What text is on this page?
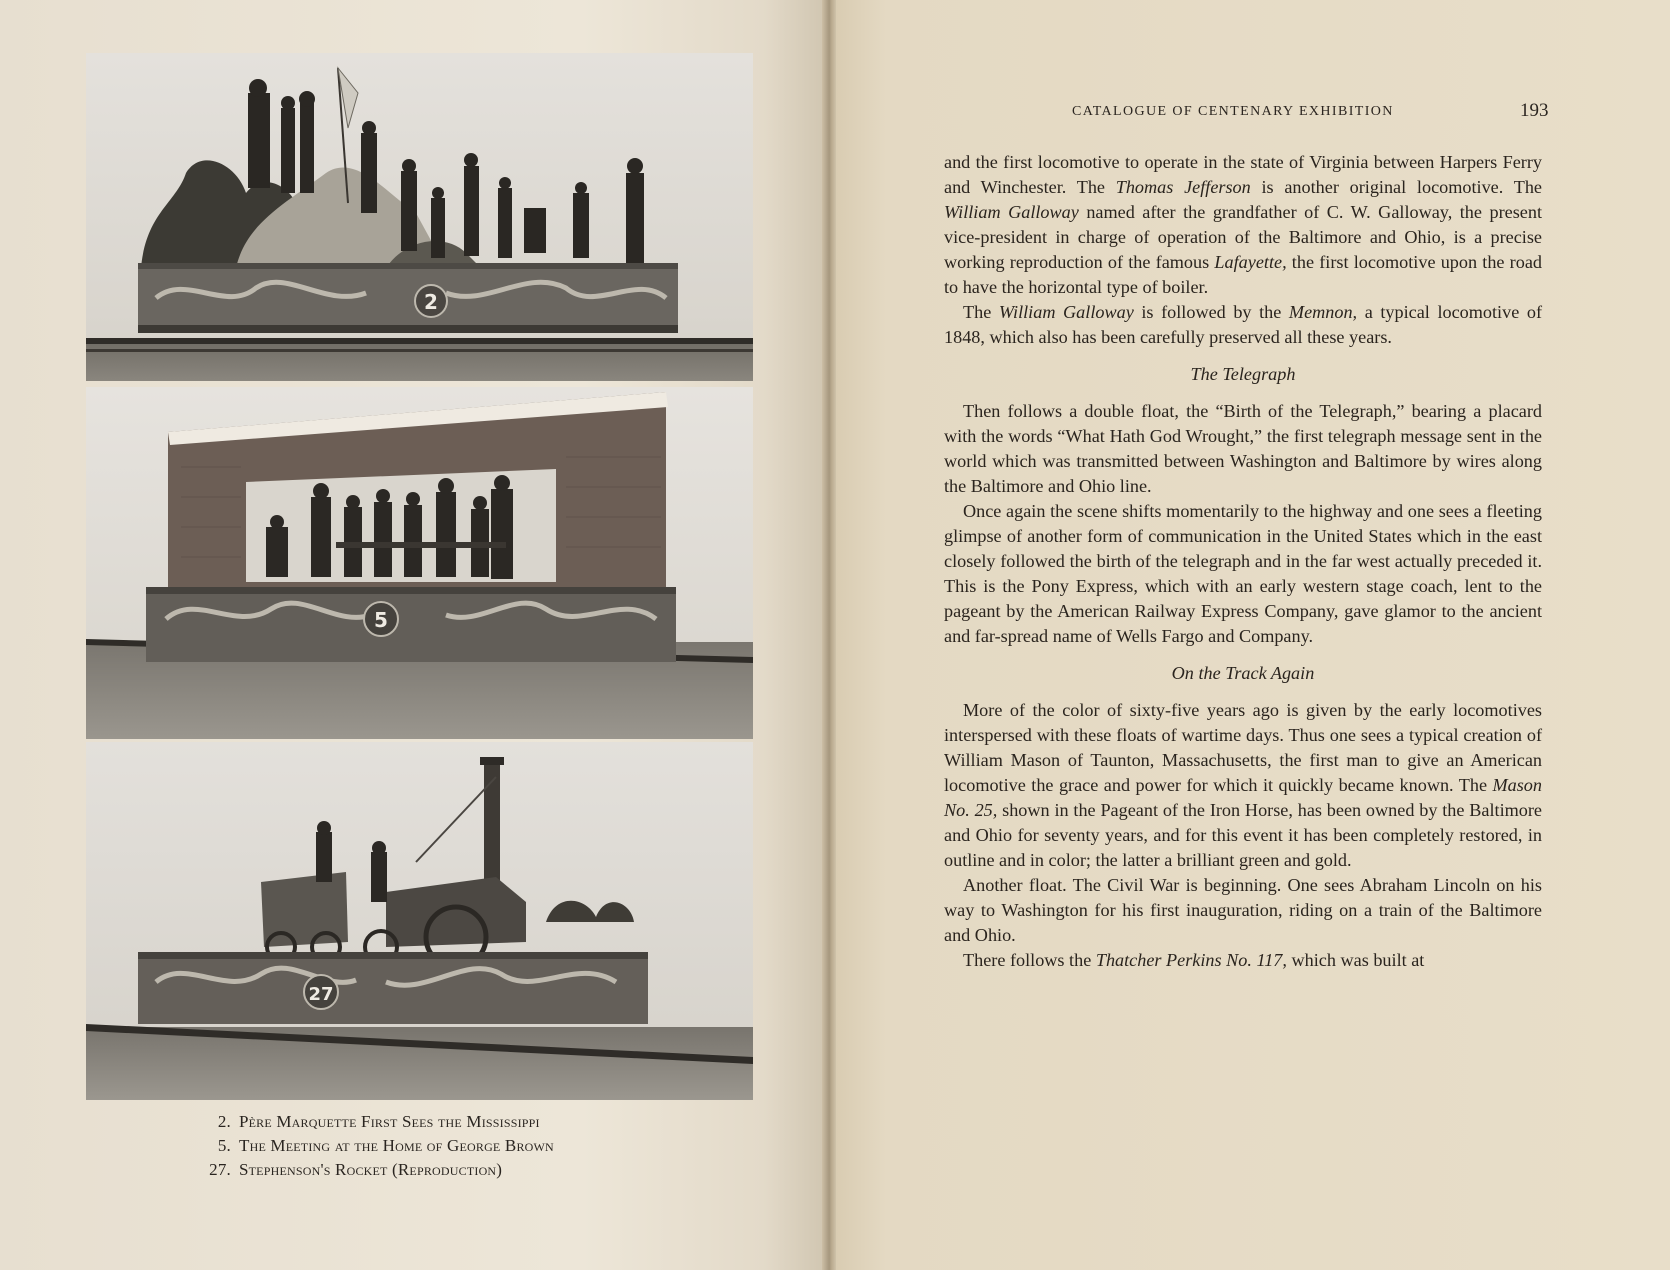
2
5
27
2. Père Marquette First Sees the Mississippi
5. The Meeting at the Home of George Brown
27. Stephenson's Rocket (Reproduction)
CATALOGUE OF CENTENARY EXHIBITION	193

and the first locomotive to operate in the state of Virginia between Harpers Ferry and Winchester. The Thomas Jefferson is another original locomotive. The William Galloway named after the grandfather of C. W. Galloway, the present vice-president in charge of operation of the Baltimore and Ohio, is a precise working reproduction of the famous Lafayette, the first locomotive upon the road to have the horizontal type of boiler.

The William Galloway is followed by the Memnon, a typical locomotive of 1848, which also has been carefully preserved all these years.

The Telegraph

Then follows a double float, the “Birth of the Telegraph,” bearing a placard with the words “What Hath God Wrought,” the first telegraph message sent in the world which was transmitted between Washington and Baltimore by wires along the Baltimore and Ohio line.

Once again the scene shifts momentarily to the highway and one sees a fleeting glimpse of another form of communication in the United States which in the east closely followed the birth of the telegraph and in the far west actually preceded it. This is the Pony Express, which with an early western stage coach, lent to the pageant by the American Railway Express Company, gave glamor to the ancient and far-spread name of Wells Fargo and Company.

On the Track Again

More of the color of sixty-five years ago is given by the early locomotives interspersed with these floats of wartime days. Thus one sees a typical creation of William Mason of Taunton, Massachusetts, the first man to give an American locomotive the grace and power for which it quickly became known. The Mason No. 25, shown in the Pageant of the Iron Horse, has been owned by the Baltimore and Ohio for seventy years, and for this event it has been completely restored, in outline and in color; the latter a brilliant green and gold.

Another float. The Civil War is beginning. One sees Abraham Lincoln on his way to Washington for his first inauguration, riding on a train of the Baltimore and Ohio.

There follows the Thatcher Perkins No. 117, which was built at
